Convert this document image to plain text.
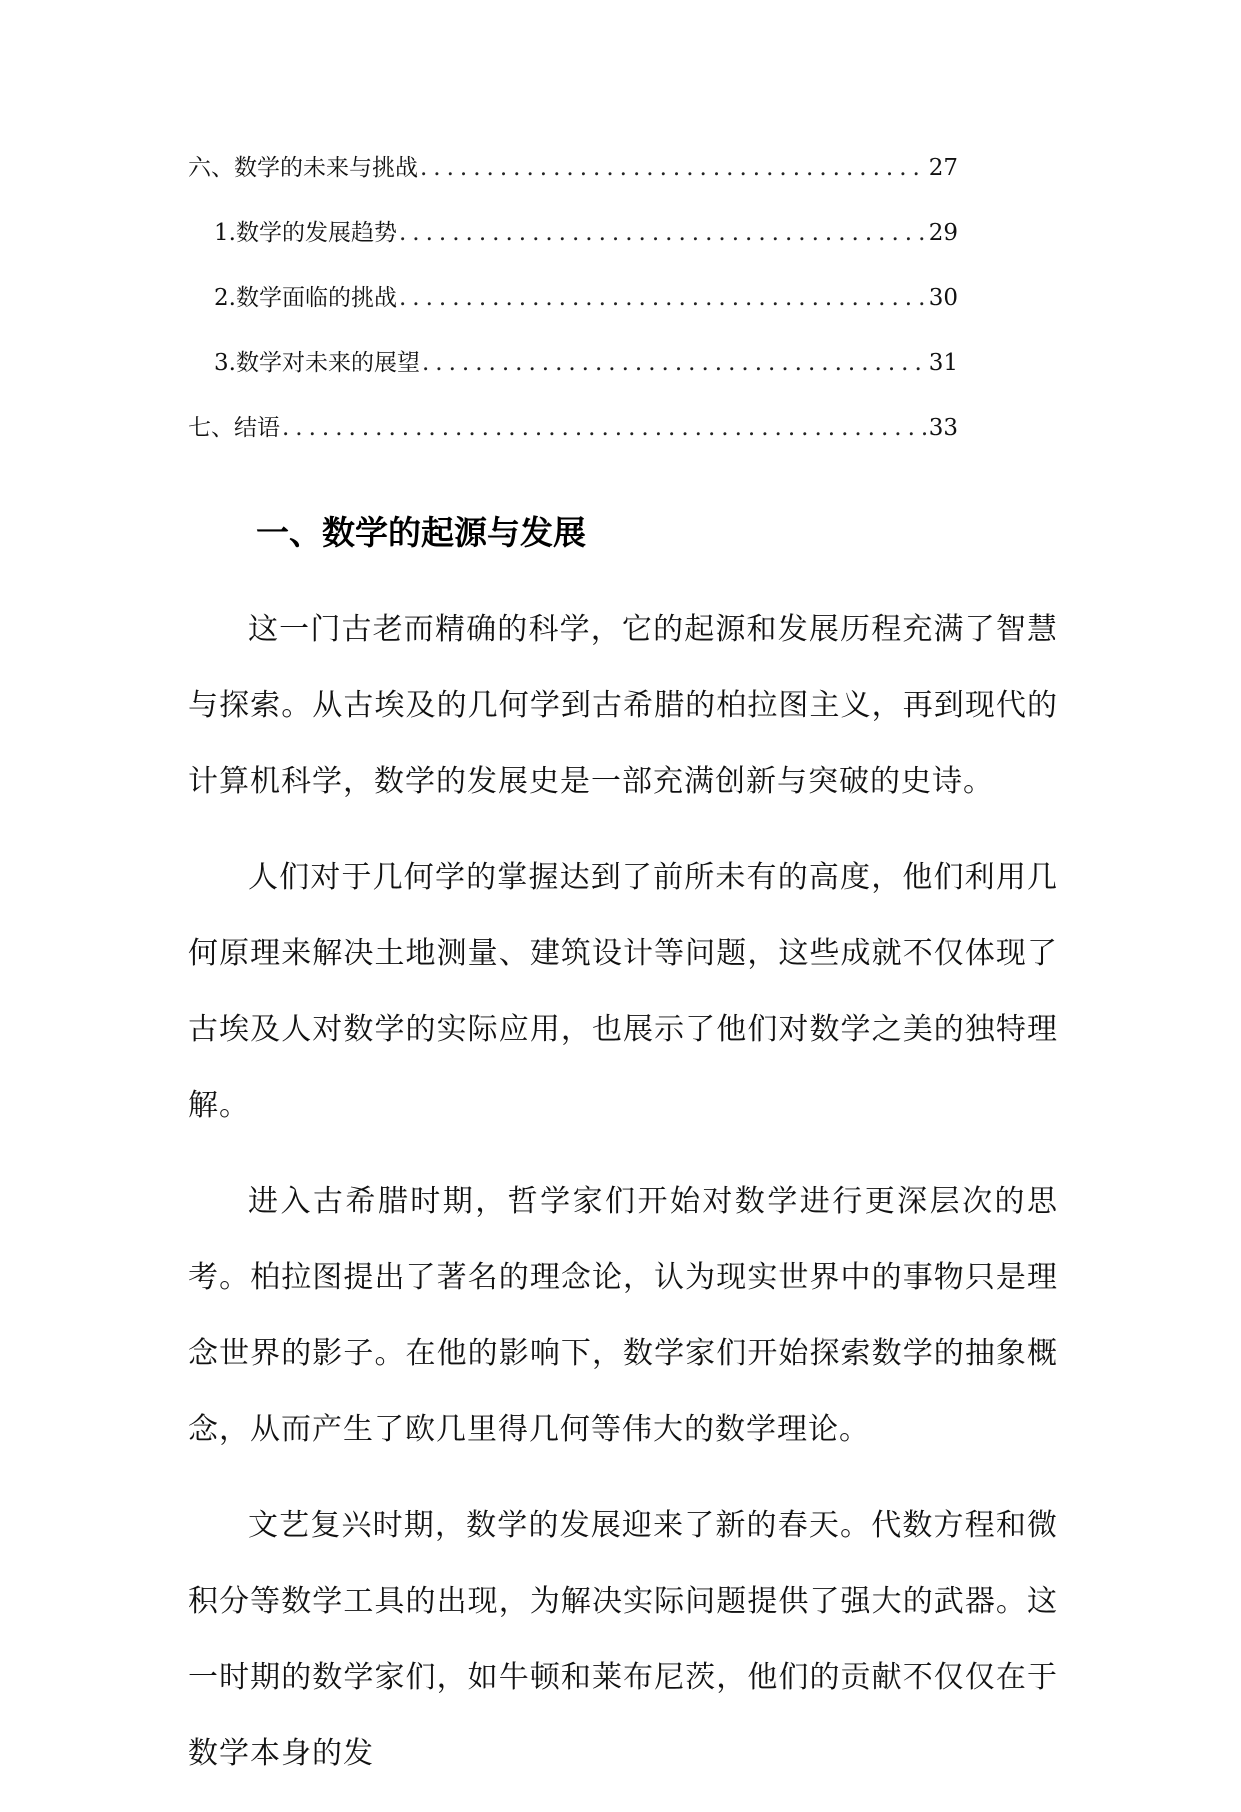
六、数学的未来与挑战 .....	27
1. 数学的发展趋势 .....	29
2. 数学面临的挑战 .....	30
3. 数学对未来的展望 .....	31
七、结语 .....	33
一、数学的起源与发展

这一门古老而精确的科学，它的起源和发展历程充满了智慧与探索。从古埃及的几何学到古希腊的柏拉图主义，再到现代的计算机科学，数学的发展史是一部充满创新与突破的史诗。

人们对于几何学的掌握达到了前所未有的高度，他们利用几何原理来解决土地测量、建筑设计等问题，这些成就不仅体现了古埃及人对数学的实际应用，也展示了他们对数学之美的独特理解。

进入古希腊时期，哲学家们开始对数学进行更深层次的思考。柏拉图提出了著名的理念论，认为现实世界中的事物只是理念世界的影子。在他的影响下，数学家们开始探索数学的抽象概念，从而产生了欧几里得几何等伟大的数学理论。

文艺复兴时期，数学的发展迎来了新的春天。代数方程和微积分等数学工具的出现，为解决实际问题提供了强大的武器。这一时期的数学家们，如牛顿和莱布尼茨，他们的贡献不仅仅在于数学本身的发
